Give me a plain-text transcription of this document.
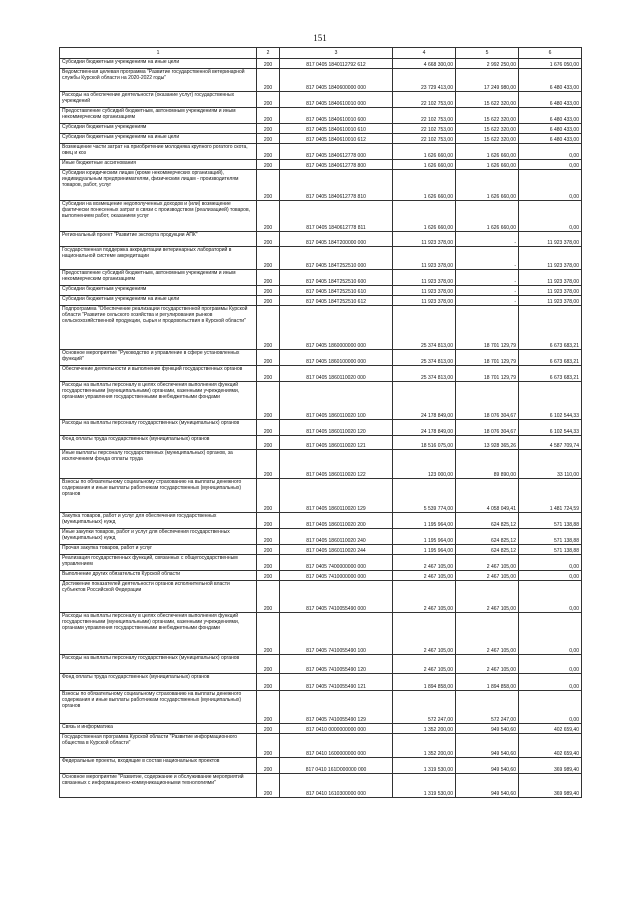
151
1	2	3	4	5	6
Субсидии бюджетным учреждениям на иные цели	200	817 0405 1840112792 612	4 668 300,00	2 992 250,00	1 676 050,00
Ведомственная целевая программа "Развитие государственной ветеринарной службы Курской области на 2020-2022 годы"	200	817 0405 1840600000 000	23 729 413,00	17 249 980,00	6 480 433,00
Расходы на обеспечение деятельности (оказание услуг) государственных учреждений	200	817 0405 1840610010 000	22 102 753,00	15 622 320,00	6 480 433,00
Предоставление субсидий бюджетным, автономным учреждениям и иным некоммерческим организациям	200	817 0405 1840610010 600	22 102 753,00	15 622 320,00	6 480 433,00
Субсидии бюджетным учреждениям	200	817 0405 1840610010 610	22 102 753,00	15 622 320,00	6 480 433,00
Субсидии бюджетным учреждениям на иные цели	200	817 0405 1840610010 612	22 102 753,00	15 622 320,00	6 480 433,00
Возмещение части затрат на приобретение молодняка крупного рогатого скота, овец и коз	200	817 0405 1840612778 000	1 626 660,00	1 626 660,00	0,00
Иные бюджетные ассигнования	200	817 0405 1840612778 800	1 626 660,00	1 626 660,00	0,00
Субсидии юридическим лицам (кроме некоммерческих организаций), индивидуальным предпринимателям, физическим лицам - производителям товаров, работ, услуг	200	817 0405 1840612778 810	1 626 660,00	1 626 660,00	0,00
Субсидии на возмещение недополученных доходов и (или) возмещение фактически понесенных затрат в связи с производством (реализацией) товаров, выполнением работ, оказанием услуг	200	817 0405 1840612778 811	1 626 660,00	1 626 660,00	0,00
Региональный проект "Развитие экспорта продукции АПК"	200	817 0405 184T200000 000	11 923 378,00	-	11 923 378,00
Государственная поддержка аккредитации ветеринарных лабораторий в национальной системе аккредитации	200	817 0405 184T252510 000	11 923 378,00	-	11 923 378,00
Предоставление субсидий бюджетным, автономным учреждениям и иным некоммерческим организациям	200	817 0405 184T252510 600	11 923 378,00	-	11 923 378,00
Субсидии бюджетным учреждениям	200	817 0405 184T252510 610	11 923 378,00	-	11 923 378,00
Субсидии бюджетным учреждениям на иные цели	200	817 0405 184T252510 612	11 923 378,00	-	11 923 378,00
Подпрограмма "Обеспечение реализации государственной программы Курской области "Развитие сельского хозяйства и регулирования рынков сельскохозяйственной продукции, сырья и продовольствия в Курской области"	200	817 0405 1860000000 000	25 374 813,00	18 701 129,79	6 673 683,21
Основное мероприятие "Руководство и управление в сфере установленных функций"	200	817 0405 1860100000 000	25 374 813,00	18 701 129,79	6 673 683,21
Обеспечение деятельности и выполнение функций государственных органов	200	817 0405 1860110020 000	25 374 813,00	18 701 129,79	6 673 683,21
Расходы на выплаты персоналу в целях обеспечения выполнения функций государственными (муниципальными) органами, казенными учреждениями, органами управления государственными внебюджетными фондами	200	817 0405 1860110020 100	24 178 849,00	18 076 304,67	6 102 544,33
Расходы на выплаты персоналу государственных (муниципальных) органов	200	817 0405 1860110020 120	24 178 849,00	18 076 304,67	6 102 544,33
Фонд оплаты труда государственных (муниципальных) органов	200	817 0405 1860110020 121	18 516 075,00	13 928 365,26	4 587 709,74
Иные выплаты персоналу государственных (муниципальных) органов, за исключением фонда оплаты труда	200	817 0405 1860110020 122	123 000,00	89 890,00	33 110,00
Взносы по обязательному социальному страхованию на выплаты денежного содержания и иные выплаты работникам государственных (муниципальных) органов	200	817 0405 1860110020 129	5 539 774,00	4 058 049,41	1 481 724,59
Закупка товаров, работ и услуг для обеспечения государственных (муниципальных) нужд	200	817 0405 1860110020 200	1 195 964,00	624 825,12	571 138,88
Иные закупки товаров, работ и услуг для обеспечения государственных (муниципальных) нужд	200	817 0405 1860110020 240	1 195 964,00	624 825,12	571 138,88
Прочая закупка товаров, работ и услуг	200	817 0405 1860110020 244	1 195 964,00	624 825,12	571 138,88
Реализация государственных функций, связанных с общегосударственным управлением	200	817 0405 7400000000 000	2 467 105,00	2 467 105,00	0,00
Выполнение других обязательств Курской области	200	817 0405 7410000000 000	2 467 105,00	2 467 105,00	0,00
Достижение показателей деятельности органов исполнительной власти субъектов Российской Федерации	200	817 0405 7410055490 000	2 467 105,00	2 467 105,00	0,00
Расходы на выплаты персоналу в целях обеспечения выполнения функций государственными (муниципальными) органами, казенными учреждениями, органами управления государственными внебюджетными фондами	200	817 0405 7410055490 100	2 467 105,00	2 467 105,00	0,00
Расходы на выплаты персоналу государственных (муниципальных) органов	200	817 0405 7410055490 120	2 467 105,00	2 467 105,00	0,00
Фонд оплаты труда государственных (муниципальных) органов	200	817 0405 7410055490 121	1 894 858,00	1 894 858,00	0,00
Взносы по обязательному социальному страхованию на выплаты денежного содержания и иные выплаты работникам государственных (муниципальных) органов	200	817 0405 7410055490 129	572 247,00	572 247,00	0,00
Связь и информатика	200	817 0410 0000000000 000	1 352 200,00	949 540,60	402 659,40
Государственная программа Курской области "Развитие информационного общества в Курской области"	200	817 0410 1600000000 000	1 352 200,00	949 540,60	402 659,40
Федеральные проекты, входящие в состав национальных проектов	200	817 0410 161D000000 000	1 319 530,00	949 540,60	369 989,40
Основное мероприятие "Развитие, содержание и обслуживание мероприятий связанных с информационно-коммуникационными технологиями"	200	817 0410 1610300000 000	1 319 530,00	949 540,60	369 989,40
